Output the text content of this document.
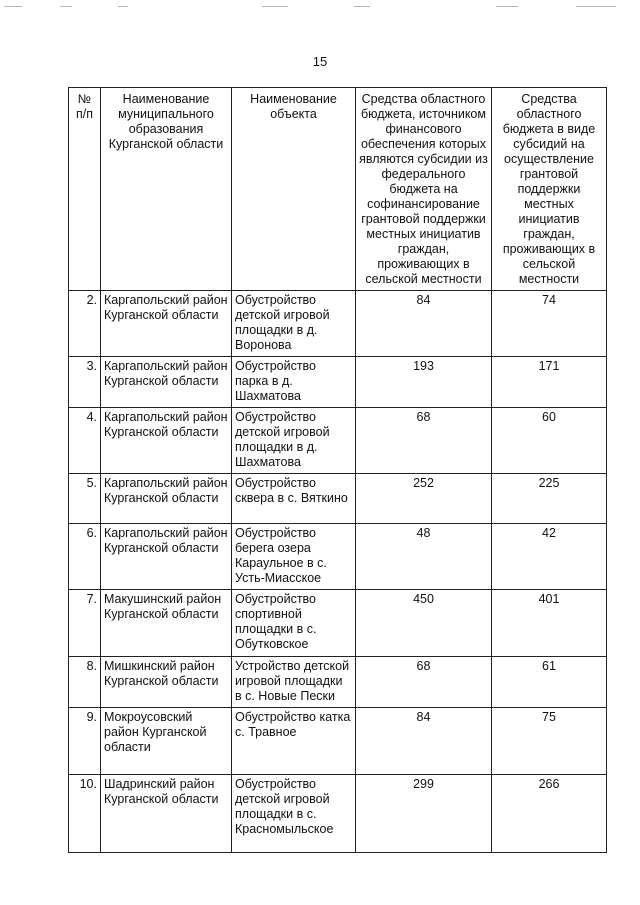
15
№ п/п	Наименование муниципального образования Курганской области	Наименование объекта	Средства областного бюджета, источником финансового обеспечения которых являются субсидии из федерального бюджета на софинансирование грантовой поддержки местных инициатив граждан, проживающих в сельской местности	Средства областного бюджета в виде субсидий на осуществление грантовой поддержки местных инициатив граждан, проживающих в сельской местности
2.	Каргапольский район Курганской области	Обустройство детской игровой площадки в д. Воронова	84	74
3.	Каргапольский район Курганской области	Обустройство парка в д. Шахматова	193	171
4.	Каргапольский район Курганской области	Обустройство детской игровой площадки в д. Шахматова	68	60
5.	Каргапольский район Курганской области	Обустройство сквера в с. Вяткино	252	225
6.	Каргапольский район Курганской области	Обустройство берега озера Караульное в с. Усть-Миасское	48	42
7.	Макушинский район Курганской области	Обустройство спортивной площадки в с. Обутковское	450	401
8.	Мишкинский район Курганской области	Устройство детской игровой площадки в с. Новые Пески	68	61
9.	Мокроусовский район Курганской области	Обустройство катка с. Травное	84	75
10.	Шадринский район Курганской области	Обустройство детской игровой площадки в с. Красномыльское	299	266
